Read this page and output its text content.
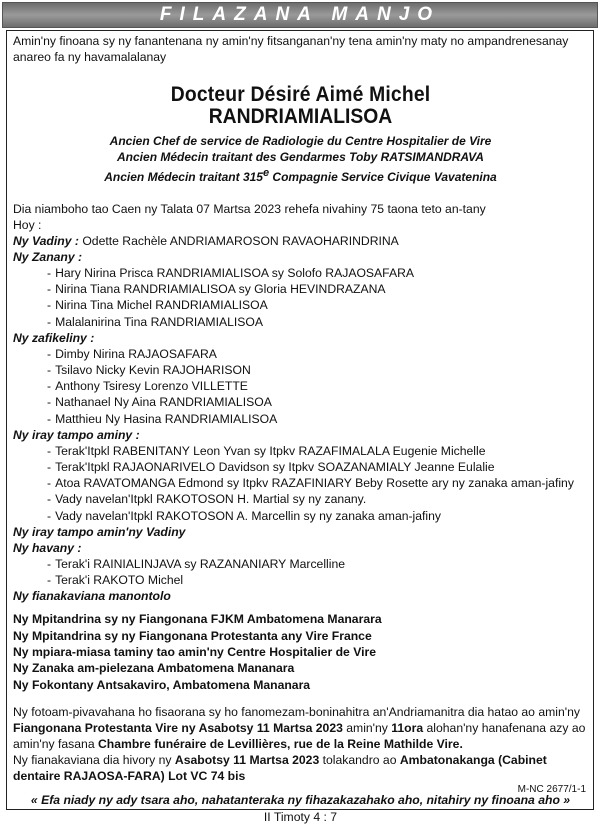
FILAZANA MANJO

Amin'ny finoana sy ny fanantenana ny amin'ny fitsanganan'ny tena amin'ny maty no ampandrenesanay anareo fa ny havamalalanay

Docteur Désiré Aimé Michel
RANDRIAMIALISOA
Ancien Chef de service de Radiologie du Centre Hospitalier de Vire
Ancien Médecin traitant des Gendarmes Toby RATSIMANDRAVA
Ancien Médecin traitant 315e Compagnie Service Civique Vavatenina

Dia niamboho tao Caen ny Talata 07 Martsa 2023 rehefa nivahiny 75 taona teto an-tany

Hoy :

Ny Vadiny : Odette Rachèle ANDRIAMAROSON RAVAOHARINDRINA

Ny Zanany :

- Hary Nirina Prisca RANDRIAMIALISOA sy Solofo RAJAOSAFARA
- Nirina Tiana RANDRIAMIALISOA sy Gloria HEVINDRAZANA
- Nirina Tina Michel RANDRIAMIALISOA
- Malalanirina Tina RANDRIAMIALISOA

Ny zafikeliny :

- Dimby Nirina RAJAOSAFARA
- Tsilavo Nicky Kevin RAJOHARISON
- Anthony Tsiresy Lorenzo VILLETTE
- Nathanael Ny Aina RANDRIAMIALISOA
- Matthieu Ny Hasina RANDRIAMIALISOA

Ny iray tampo aminy :

- Terak'Itpkl RABENITANY Leon Yvan sy Itpkv RAZAFIMALALA Eugenie Michelle
- Terak'Itpkl RAJAONARIVELO Davidson sy Itpkv SOAZANAMIALY Jeanne Eulalie
- Atoa RAVATOMANGA Edmond sy Itpkv RAZAFINIARY Beby Rosette ary ny zanaka aman-jafiny
- Vady navelan'Itpkl RAKOTOSON H. Martial sy ny zanany.
- Vady navelan'Itpkl RAKOTOSON A. Marcellin sy ny zanaka aman-jafiny

Ny iray tampo amin'ny Vadiny

Ny havany :

- Terak'i RAINIALINJAVA sy RAZANANIARY Marcelline
- Terak'i RAKOTO Michel

Ny fianakaviana manontolo

Ny Mpitandrina sy ny Fiangonana FJKM Ambatomena Manarara
Ny Mpitandrina sy ny Fiangonana Protestanta any Vire France
Ny mpiara-miasa taminy tao amin'ny Centre Hospitalier de Vire
Ny Zanaka am-pielezana Ambatomena Mananara
Ny Fokontany Antsakaviro, Ambatomena Mananara

Ny fotoam-pivavahana ho fisaorana sy ho fanomezam-boninahitra an'Andriamanitra dia hatao ao amin'ny Fiangonana Protestanta Vire ny Asabotsy 11 Martsa 2023 amin'ny 11ora alohan'ny hanafenana azy ao amin'ny fasana Chambre funéraire de Levillières, rue de la Reine Mathilde Vire.

Ny fianakaviana dia hivory ny Asabotsy 11 Martsa 2023 tolakandro ao Ambatonakanga (Cabinet dentaire RAJAOSA-FARA) Lot VC 74 bis

« Efa niady ny ady tsara aho, nahatanteraka ny fihazakazahako aho, nitahiry ny finoana aho »
II Timoty 4 : 7
M-NC 2677/1-1
